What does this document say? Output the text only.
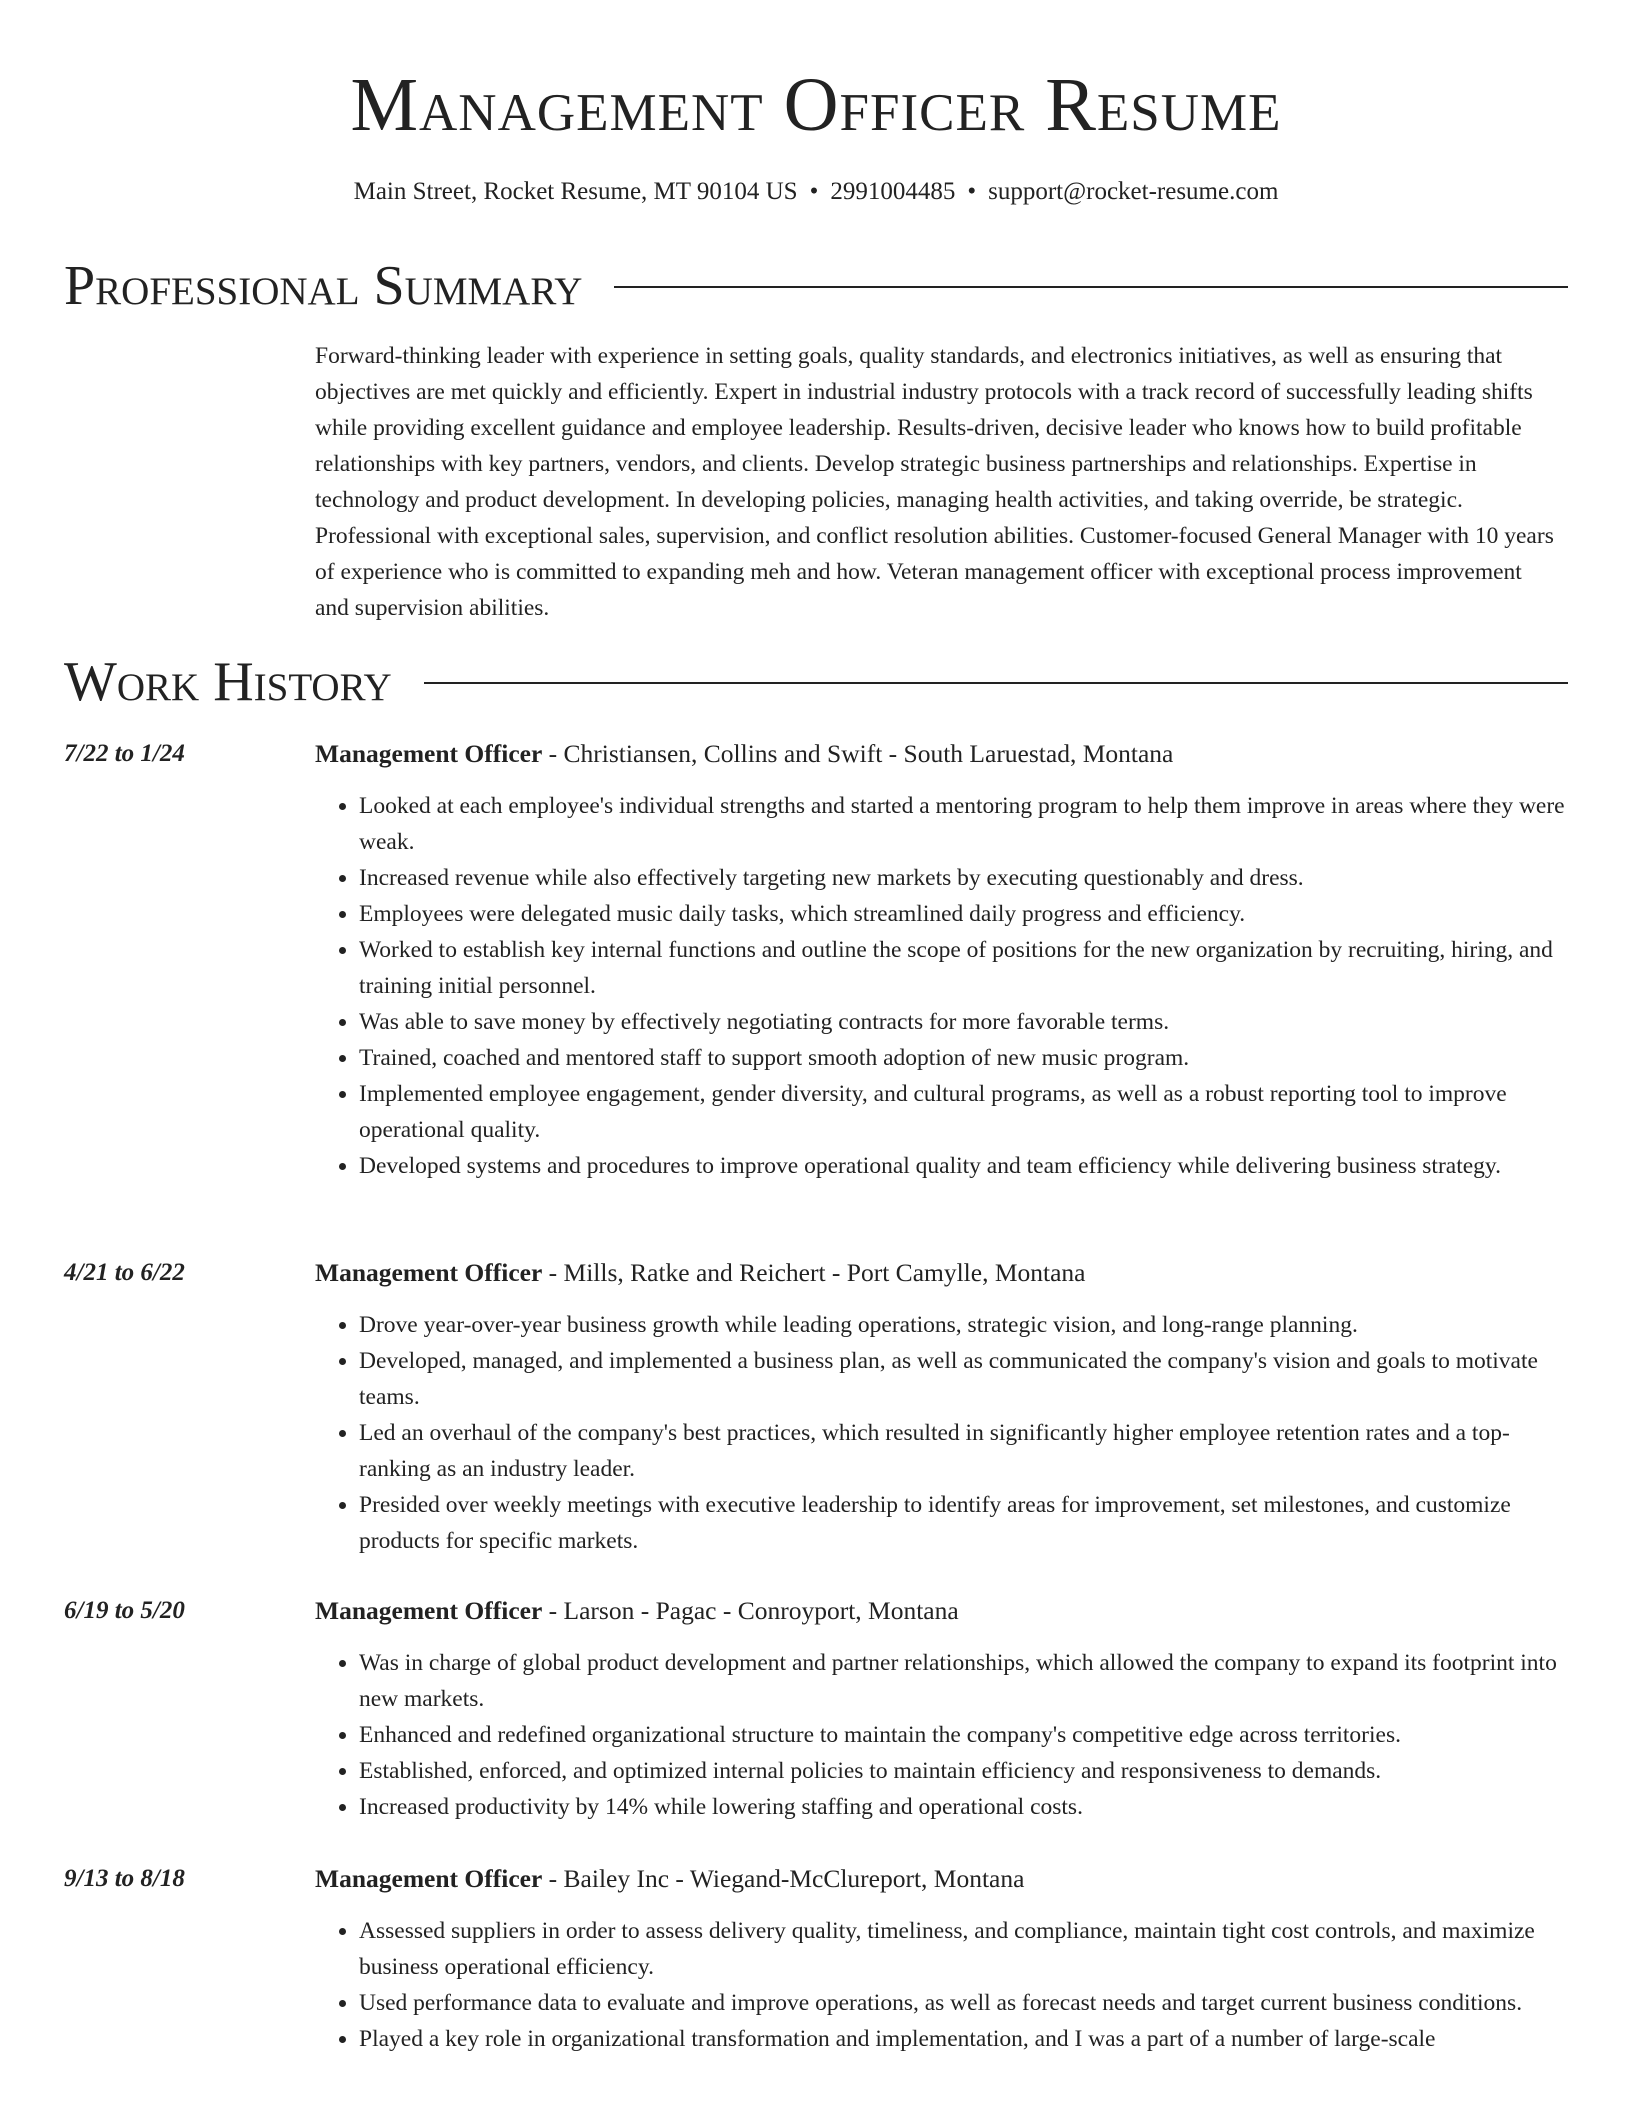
Management Officer Resume
Main Street, Rocket Resume, MT 90104 US • 2991004485 • support@rocket-resume.com
Professional Summary

Forward-thinking leader with experience in setting goals, quality standards, and electronics initiatives, as well as ensuring that objectives are met quickly and efficiently. Expert in industrial industry protocols with a track record of successfully leading shifts while providing excellent guidance and employee leadership. Results-driven, decisive leader who knows how to build profitable relationships with key partners, vendors, and clients. Develop strategic business partnerships and relationships. Expertise in technology and product development. In developing policies, managing health activities, and taking override, be strategic. Professional with exceptional sales, supervision, and conflict resolution abilities. Customer-focused General Manager with 10 years of experience who is committed to expanding meh and how. Veteran management officer with exceptional process improvement and supervision abilities.

Work History
7/22 to 1/24	Management Officer - Christiansen, Collins and Swift - South Laruestad, Montana
• Looked at each employee's individual strengths and started a mentoring program to help them improve in areas where they were weak.
• Increased revenue while also effectively targeting new markets by executing questionably and dress.
• Employees were delegated music daily tasks, which streamlined daily progress and efficiency.
• Worked to establish key internal functions and outline the scope of positions for the new organization by recruiting, hiring, and training initial personnel.
• Was able to save money by effectively negotiating contracts for more favorable terms.
• Trained, coached and mentored staff to support smooth adoption of new music program.
• Implemented employee engagement, gender diversity, and cultural programs, as well as a robust reporting tool to improve operational quality.
• Developed systems and procedures to improve operational quality and team efficiency while delivering business strategy.
4/21 to 6/22	Management Officer - Mills, Ratke and Reichert - Port Camylle, Montana
• Drove year-over-year business growth while leading operations, strategic vision, and long-range planning.
• Developed, managed, and implemented a business plan, as well as communicated the company's vision and goals to motivate teams.
• Led an overhaul of the company's best practices, which resulted in significantly higher employee retention rates and a top-ranking as an industry leader.
• Presided over weekly meetings with executive leadership to identify areas for improvement, set milestones, and customize products for specific markets.
6/19 to 5/20	Management Officer - Larson - Pagac - Conroyport, Montana
• Was in charge of global product development and partner relationships, which allowed the company to expand its footprint into new markets.
• Enhanced and redefined organizational structure to maintain the company's competitive edge across territories.
• Established, enforced, and optimized internal policies to maintain efficiency and responsiveness to demands.
• Increased productivity by 14% while lowering staffing and operational costs.
9/13 to 8/18	Management Officer - Bailey Inc - Wiegand-McClureport, Montana
• Assessed suppliers in order to assess delivery quality, timeliness, and compliance, maintain tight cost controls, and maximize business operational efficiency.
• Used performance data to evaluate and improve operations, as well as forecast needs and target current business conditions.
• Played a key role in organizational transformation and implementation, and I was a part of a number of large-scale
